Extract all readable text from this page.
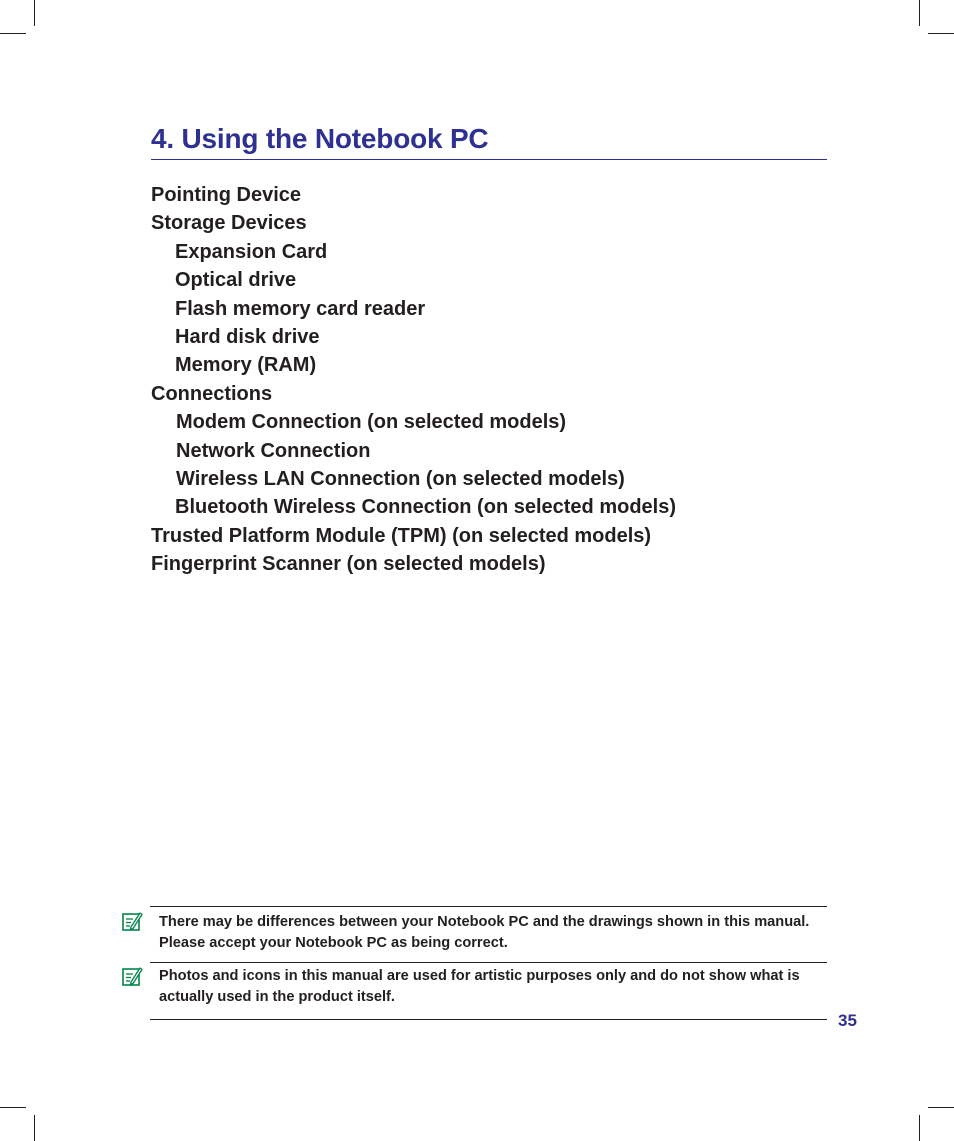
4. Using the Notebook PC
Pointing Device
Storage Devices
Expansion Card
Optical drive
Flash memory card reader
Hard disk drive
Memory (RAM)
Connections
Modem Connection (on selected models)
Network Connection
Wireless LAN Connection (on selected models)
Bluetooth Wireless Connection (on selected models)
Trusted Platform Module (TPM) (on selected models)
Fingerprint Scanner (on selected models)
There may be differences between your Notebook PC and the drawings shown in this manual. Please accept your Notebook PC as being correct.
Photos and icons in this manual are used for artistic purposes only and do not show what is actually used in the product itself.
35
